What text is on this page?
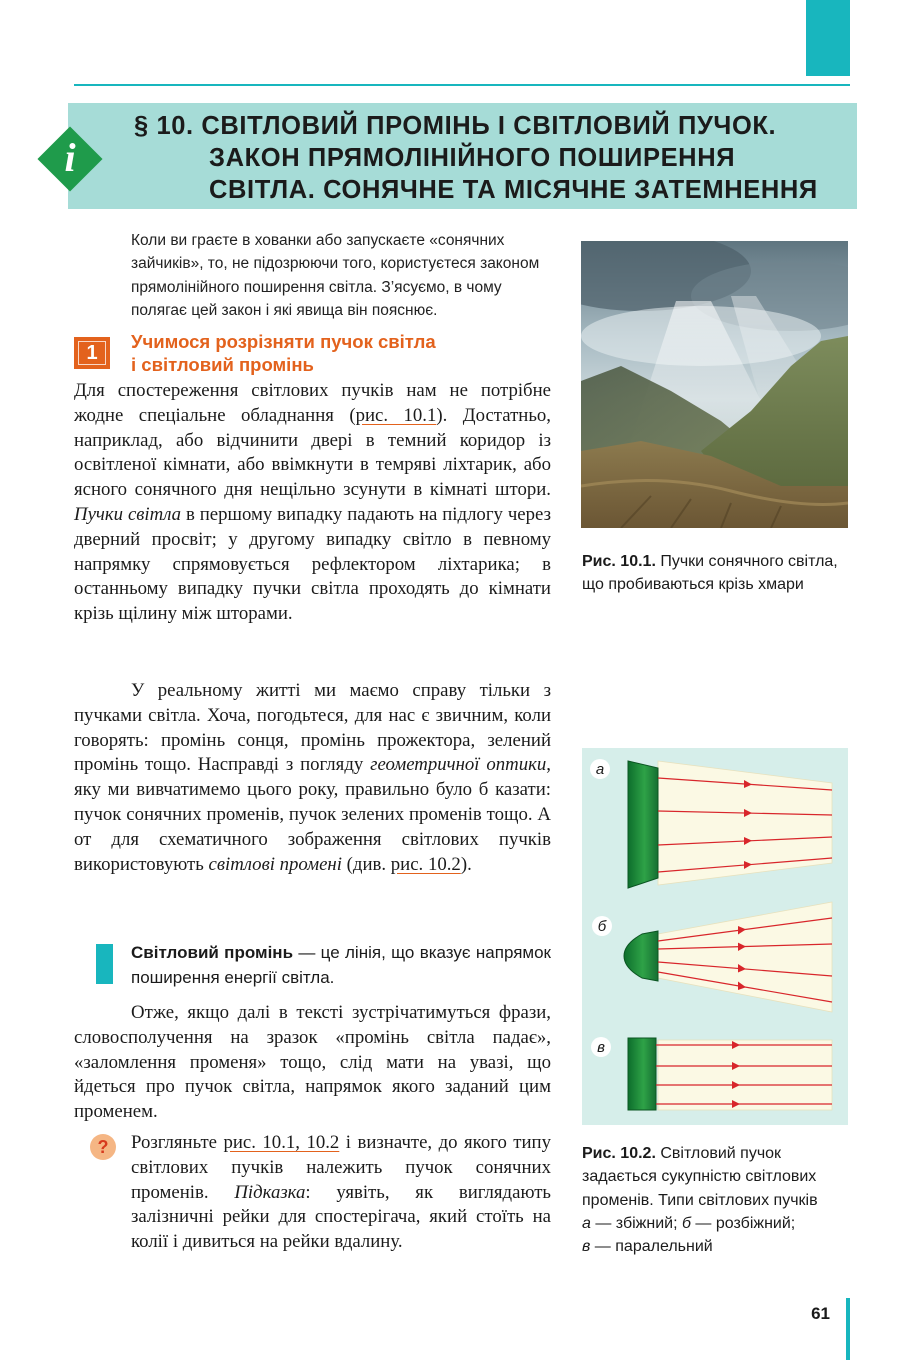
i
§ 10. СВІТЛОВИЙ ПРОМІНЬ І СВІТЛОВИЙ ПУЧОК.
ЗАКОН ПРЯМОЛІНІЙНОГО ПОШИРЕННЯ
СВІТЛА. СОНЯЧНЕ ТА МІСЯЧНЕ ЗАТЕМНЕННЯ
Коли ви граєте в хованки або запускаєте «сонячних зайчиків», то, не підозрюючи того, користуєтеся законом прямолінійного поширення світла. З’ясуємо, в чому полягає цей закон і які явища він пояснює.
1
Учимося розрізняти пучок світла
і світловий промінь
Для спостереження світлових пучків нам не потрібне жодне спеціальне обладнання (рис. 10.1). Достатньо, наприклад, або відчинити двері в темний коридор із освітленої кімнати, або ввімкнути в темряві ліхтарик, або ясного сонячного дня нещільно зсунути в кімнаті штори. Пучки світла в першому випадку падають на підлогу через дверний просвіт; у другому випадку світло в певному напрямку спрямовується рефлектором ліхтарика; в останньому випадку пучки світла проходять до кімнати крізь щілину між шторами.
У реальному житті ми маємо справу тільки з пучками світла. Хоча, погодьтеся, для нас є звичним, коли говорять: промінь сонця, промінь прожектора, зелений промінь тощо. Насправді з погляду геометричної оптики, яку ми вивчатимемо цього року, правильно було б казати: пучок сонячних променів, пучок зелених променів тощо. А от для схематичного зображення світлових пучків використовують світлові промені (див. рис. 10.2).
Світловий промінь — це лінія, що вказує напрямок поширення енергії світла.
Отже, якщо далі в тексті зустрічатимуться фрази, словосполучення на зразок «промінь світла падає», «заломлення променя» тощо, слід мати на увазі, що йдеться про пучок світла, напрямок якого заданий цим променем.
?	Розгляньте рис. 10.1, 10.2 і визначте, до якого типу світлових пучків належить пучок сонячних променів. Підказка: уявіть, як виглядають залізничні рейки для спостерігача, який стоїть на колії і дивиться на рейки вдалину.
Рис. 10.1. Пучки сонячного світла, що пробиваються крізь хмари
а
б
в
Рис. 10.2. Світловий пучок задається сукупністю світлових променів. Типи світлових пучків
а — збіжний; б — розбіжний;
в — паралельний
61
